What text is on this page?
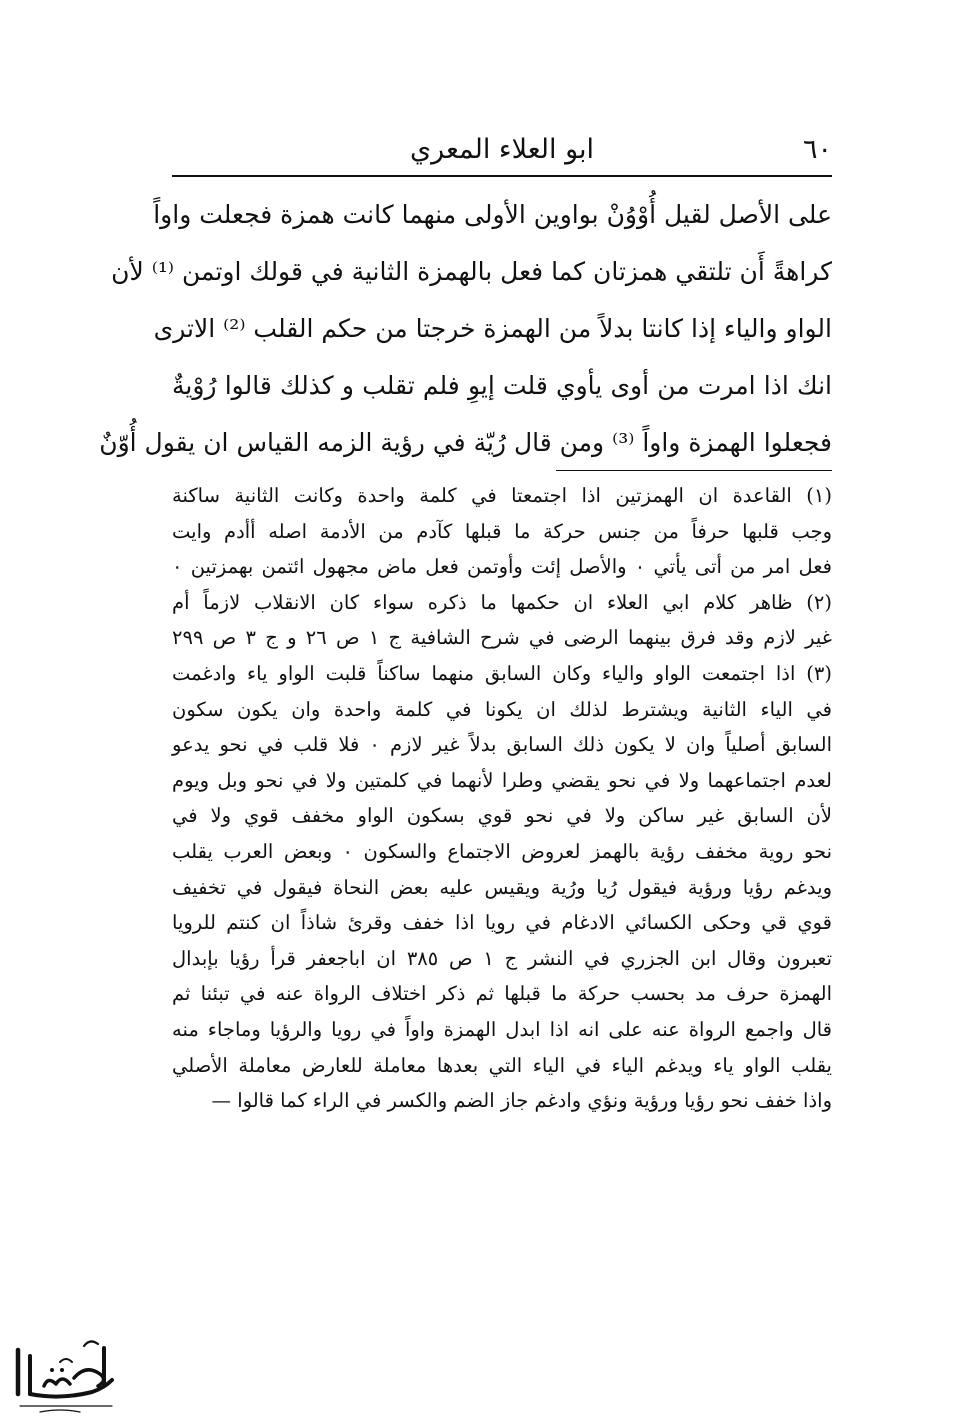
٦٠
ابو العلاء المعري
على الأصل لقيل أُوْوُنْ بواوين الأولى منهما كانت همزة فجعلت واواً
كراهةً أَن تلتقي همزتان كما فعل بالهمزة الثانية في قولك اوتمن ⁽¹⁾ لأن
الواو والياء إذا كانتا بدلاً من الهمزة خرجتا من حكم القلب ⁽²⁾ الاترى
انك اذا امرت من أوى يأوي قلت إيوِ فلم تقلب و كذلك قالوا رُوْيةٌ
فجعلوا الهمزة واواً ⁽³⁾ ومن قال رُيّة في رؤية الزمه القياس ان يقول أُوّنٌ
(١) القاعدة ان الهمزتين اذا اجتمعتا في كلمة واحدة وكانت الثانية ساكنة
وجب قلبها حرفاً من جنس حركة ما قبلها كآدم من الأدمة اصله أأدم وايت
فعل امر من أتى يأتي ٠ والأصل إئت وأوتمن فعل ماض مجهول ائتمن بهمزتين ٠
(٢) ظاهر كلام ابي العلاء ان حكمها ما ذكره سواء كان الانقلاب لازماً أم
غير لازم وقد فرق بينهما الرضى في شرح الشافية ج ١ ص ٢٦ و ج ٣ ص ٢٩٩
(٣) اذا اجتمعت الواو والياء وكان السابق منهما ساكناً قلبت الواو ياء وادغمت
في الياء الثانية ويشترط لذلك ان يكونا في كلمة واحدة وان يكون سكون
السابق أصلياً وان لا يكون ذلك السابق بدلاً غير لازم ٠ فلا قلب في نحو يدعو
لعدم اجتماعهما ولا في نحو يقضي وطرا لأنهما في كلمتين ولا في نحو وبل ويوم
لأن السابق غير ساكن ولا في نحو قوي بسكون الواو مخفف قوي ولا في
نحو روية مخفف رؤية بالهمز لعروض الاجتماع والسكون ٠ وبعض العرب يقلب
ويدغم رؤيا ورؤية فيقول رُيا ورُية ويقيس عليه بعض النحاة فيقول في تخفيف
قوي قي وحكى الكسائي الادغام في رويا اذا خفف وقرئ شاذاً ان كنتم للرويا
تعبرون وقال ابن الجزري في النشر ج ١ ص ٣٨٥ ان اباجعفر قرأ رؤيا بإبدال
الهمزة حرف مد بحسب حركة ما قبلها ثم ذكر اختلاف الرواة عنه في تبئنا ثم
قال واجمع الرواة عنه على انه اذا ابدل الهمزة واواً في رويا والرؤيا وماجاء منه
يقلب الواو ياء ويدغم الياء في الياء التي بعدها معاملة للعارض معاملة الأصلي
واذا خفف نحو رؤيا ورؤية ونؤي وادغم جاز الضم والكسر في الراء كما قالوا —
